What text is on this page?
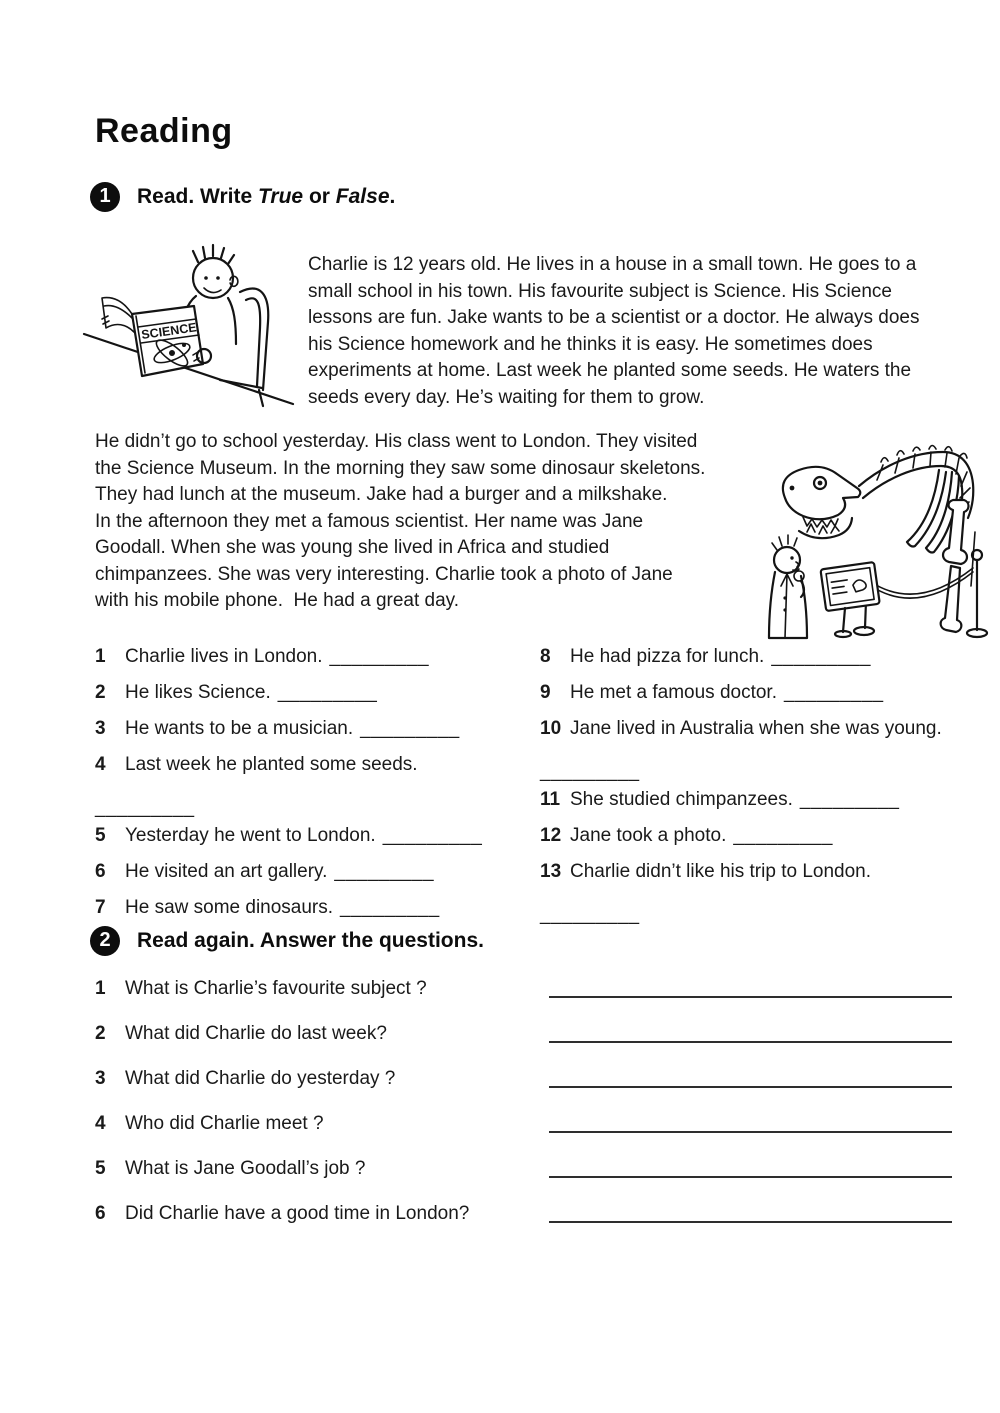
Reading
1	Read. Write True or False.
SCIENCE
Charlie is 12 years old. He lives in a house in a small town. He goes to a
small school in his town. His favourite subject is Science. His Science
lessons are fun. Jake wants to be a scientist or a doctor. He always does
his Science homework and he thinks it is easy. He sometimes does
experiments at home. Last week he planted some seeds. He waters the
seeds every day. He’s waiting for them to grow.
He didn’t go to school yesterday. His class went to London. They visited
the Science Museum. In the morning they saw some dinosaur skeletons.
They had lunch at the museum. Jake had a burger and a milkshake.
In the afternoon they met a famous scientist. Her name was Jane
Goodall. When she was young she lived in Africa and studied
chimpanzees. She was very interesting. Charlie took a photo of Jane
with his mobile phone.  He had a great day.
1 Charlie lives in London. _________
2 He likes Science. _________
3 He wants to be a musician. _________
4 Last week he planted some seeds.
_________
5 Yesterday he went to London. _________
6 He visited an art gallery. _________
7 He saw some dinosaurs. _________
8 He had pizza for lunch. _________
9 He met a famous doctor. _________
10 Jane lived in Australia when she was young.
_________
11 She studied chimpanzees. _________
12 Jane took a photo. _________
13 Charlie didn’t like his trip to London.
_________
2	Read again. Answer the questions.
1	What is Charlie’s favourite subject ?
2	What did Charlie do last week?
3	What did Charlie do yesterday ?
4	Who did Charlie meet ?
5	What is Jane Goodall’s job ?
6	Did Charlie have a good time in London?
